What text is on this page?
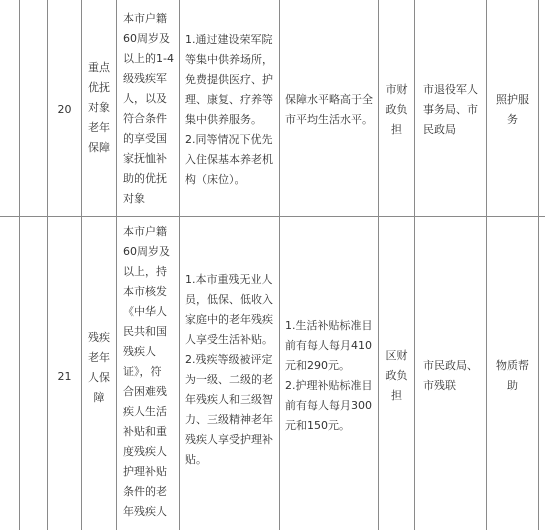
20
重点
优抚
对象
老年
保障
本市户籍
60周岁及
以上的1-4
级残疾军
人，以及
符合条件
的享受国
家抚恤补
助的优抚
对象
1.通过建设荣军院
等集中供养场所，
免费提供医疗、护
理、康复、疗养等
集中供养服务。
2.同等情况下优先
入住保基本养老机
构（床位）。
保障水平略高于全
市平均生活水平。
市财
政负
担
市退役军人
事务局、市
民政局
照护服
务
21
残疾
老年
人保
障
本市户籍
60周岁及
以上，持
本市核发
《中华人
民共和国
残疾人
证》，符
合困难残
疾人生活
补贴和重
度残疾人
护理补贴
条件的老
年残疾人
1.本市重残无业人
员，低保、低收入
家庭中的老年残疾
人享受生活补贴。
2.残疾等级被评定
为一级、二级的老
年残疾人和三级智
力、三级精神老年
残疾人享受护理补
贴。
1.生活补贴标准目
前有每人每月410
元和290元。
2.护理补贴标准目
前有每人每月300
元和150元。
区财
政负
担
市民政局、
市残联
物质帮
助
